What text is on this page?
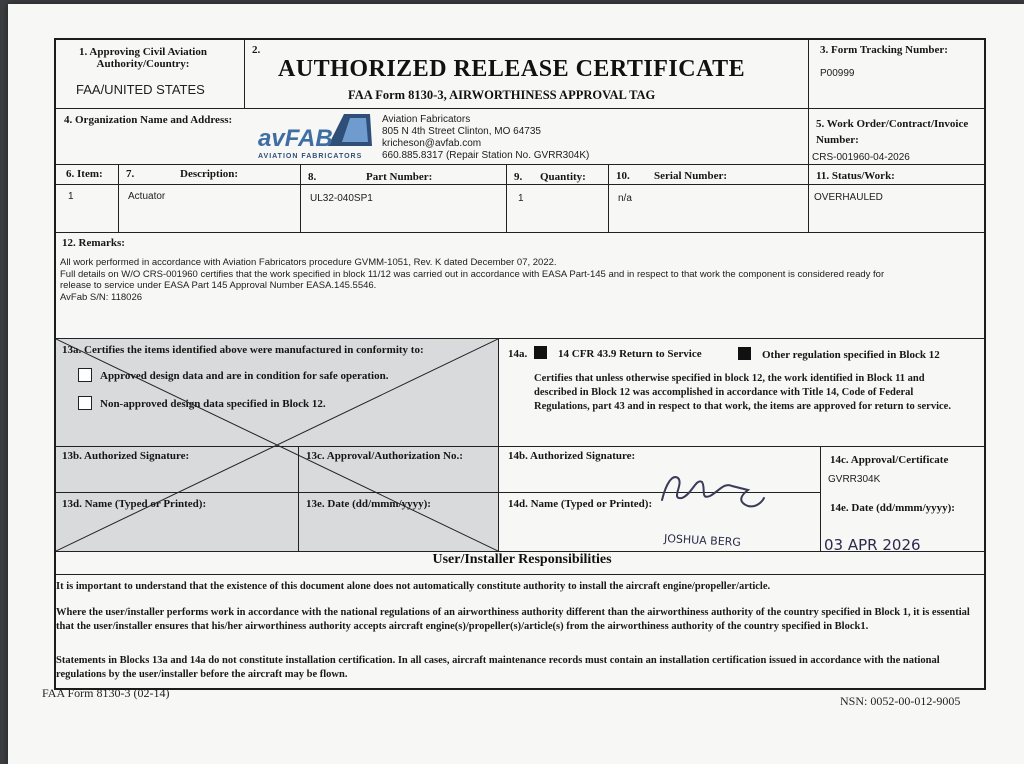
1. Approving Civil Aviation
Authority/Country:
FAA/UNITED STATES
2.
AUTHORIZED RELEASE CERTIFICATE
FAA Form 8130-3, AIRWORTHINESS APPROVAL TAG
3. Form Tracking Number:
P00999
4. Organization Name and Address:
avFAB
AVIATION FABRICATORS
Aviation Fabricators
805 N 4th Street Clinton, MO 64735
kricheson@avfab.com
660.885.8317 (Repair Station No. GVRR304K)
5. Work Order/Contract/Invoice
Number:
CRS-001960-04-2026
6. Item: 7.	Description:	8.	Part Number:	9. Quantity:	10. Serial Number:	11. Status/Work:
1	Actuator	UL32-040SP1	1	n/a	OVERHAULED
12. Remarks:
All work performed in accordance with Aviation Fabricators procedure GVMM-1051, Rev. K dated December 07, 2022.
Full details on W/O CRS-001960 certifies that the work specified in block 11/12 was carried out in accordance with EASA Part-145 and in respect to that work the component is considered ready for
release to service under EASA Part 145 Approval Number EASA.145.5546.
AvFab S/N: 118026
13a. Certifies the items identified above were manufactured in conformity to:
Approved design data and are in condition for safe operation.
Non-approved design data specified in Block 12.
13b. Authorized Signature:	13c. Approval/Authorization No.:
13d. Name (Typed or Printed):	13e. Date (dd/mmm/yyyy):
14a.	14 CFR 43.9 Return to Service	Other regulation specified in Block 12
Certifies that unless otherwise specified in block 12, the work identified in Block 11 and described in Block 12 was accomplished in accordance with Title 14, Code of Federal Regulations, part 43 and in respect to that work, the items are approved for return to service.
14b. Authorized Signature:	14c. Approval/Certificate
GVRR304K
14d. Name (Typed or Printed):
JOSHUA BERG
14e. Date (dd/mmm/yyyy):
03 APR 2026
User/Installer Responsibilities
It is important to understand that the existence of this document alone does not automatically constitute authority to install the aircraft engine/propeller/article.
Where the user/installer performs work in accordance with the national regulations of an airworthiness authority different than the airworthiness authority of the country specified in Block 1, it is essential that the user/installer ensures that his/her airworthiness authority accepts aircraft engine(s)/propeller(s)/article(s) from the airworthiness authority of the country specified in Block1.
Statements in Blocks 13a and 14a do not constitute installation certification. In all cases, aircraft maintenance records must contain an installation certification issued in accordance with the national regulations by the user/installer before the aircraft may be flown.
FAA Form 8130-3 (02-14)
NSN: 0052-00-012-9005
